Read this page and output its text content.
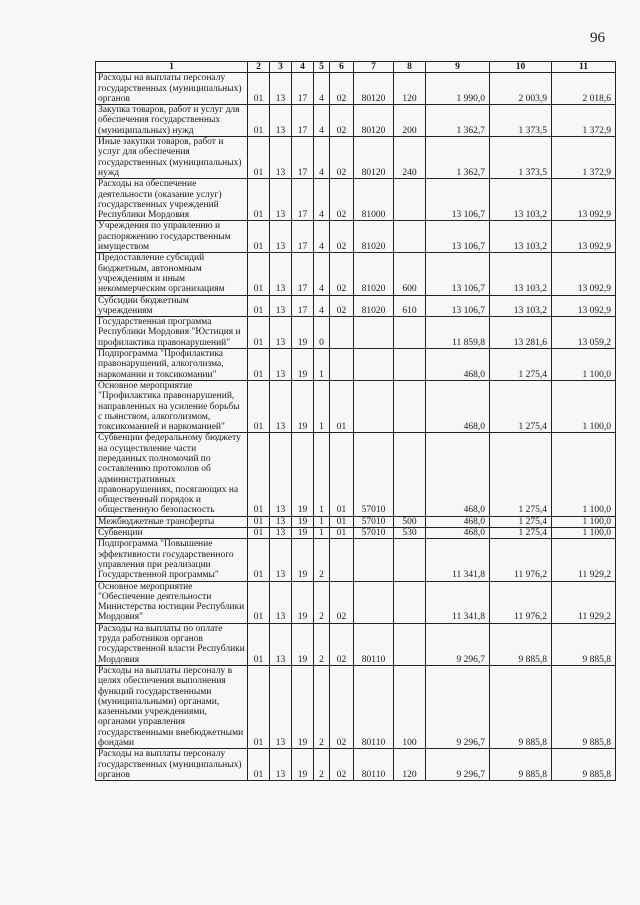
96
1	2	3	4	5	6	7	8	9	10	11
Расходы на выплаты персоналу государственных (муниципальных) органов	01	13	17	4	02	80120	120	1 990,0	2 003,9	2 018,6
Закупка товаров, работ и услуг для обеспечения государственных (муниципальных) нужд	01	13	17	4	02	80120	200	1 362,7	1 373,5	1 372,9
Иные закупки товаров, работ и услуг для обеспечения государственных (муниципальных) нужд	01	13	17	4	02	80120	240	1 362,7	1 373,5	1 372,9
Расходы на обеспечение деятельности (оказание услуг) государственных учреждений Республики Мордовия	01	13	17	4	02	81000		13 106,7	13 103,2	13 092,9
Учреждения по управлению и распоряжению государственным имуществом	01	13	17	4	02	81020		13 106,7	13 103,2	13 092,9
Предоставление субсидий бюджетным, автономным учреждениям и иным некоммерческим организациям	01	13	17	4	02	81020	600	13 106,7	13 103,2	13 092,9
Субсидии бюджетным учреждениям	01	13	17	4	02	81020	610	13 106,7	13 103,2	13 092,9
Государственная программа Республики Мордовия "Юстиция и профилактика правонарушений"	01	13	19	0				11 859,8	13 281,6	13 059,2
Подпрограмма "Профилактика правонарушений, алкоголизма, наркомании и токсикомании"	01	13	19	1				468,0	1 275,4	1 100,0
Основное мероприятие "Профилактика правонарушений, направленных на усиление борьбы с пьянством, алкоголизмом, токсикоманией и наркоманией"	01	13	19	1	01			468,0	1 275,4	1 100,0
Субвенции федеральному бюджету на осуществление части переданных полномочий по составлению протоколов об административных правонарушениях, посягающих на общественный порядок и общественную безопасность	01	13	19	1	01	57010		468,0	1 275,4	1 100,0
Межбюджетные трансферты	01	13	19	1	01	57010	500	468,0	1 275,4	1 100,0
Субвенции	01	13	19	1	01	57010	530	468,0	1 275,4	1 100,0
Подпрограмма "Повышение эффективности государственного управления при реализации Государственной программы"	01	13	19	2				11 341,8	11 976,2	11 929,2
Основное мероприятие "Обеспечение деятельности Министерства юстиции Республики Мордовия"	01	13	19	2	02			11 341,8	11 976,2	11 929,2
Расходы на выплаты по оплате труда работников органов государственной власти Республики Мордовия	01	13	19	2	02	80110		9 296,7	9 885,8	9 885,8
Расходы на выплаты персоналу в целях обеспечения выполнения функций государственными (муниципальными) органами, казенными учреждениями, органами управления государственными внебюджетными фондами	01	13	19	2	02	80110	100	9 296,7	9 885,8	9 885,8
Расходы на выплаты персоналу государственных (муниципальных) органов	01	13	19	2	02	80110	120	9 296,7	9 885,8	9 885,8
